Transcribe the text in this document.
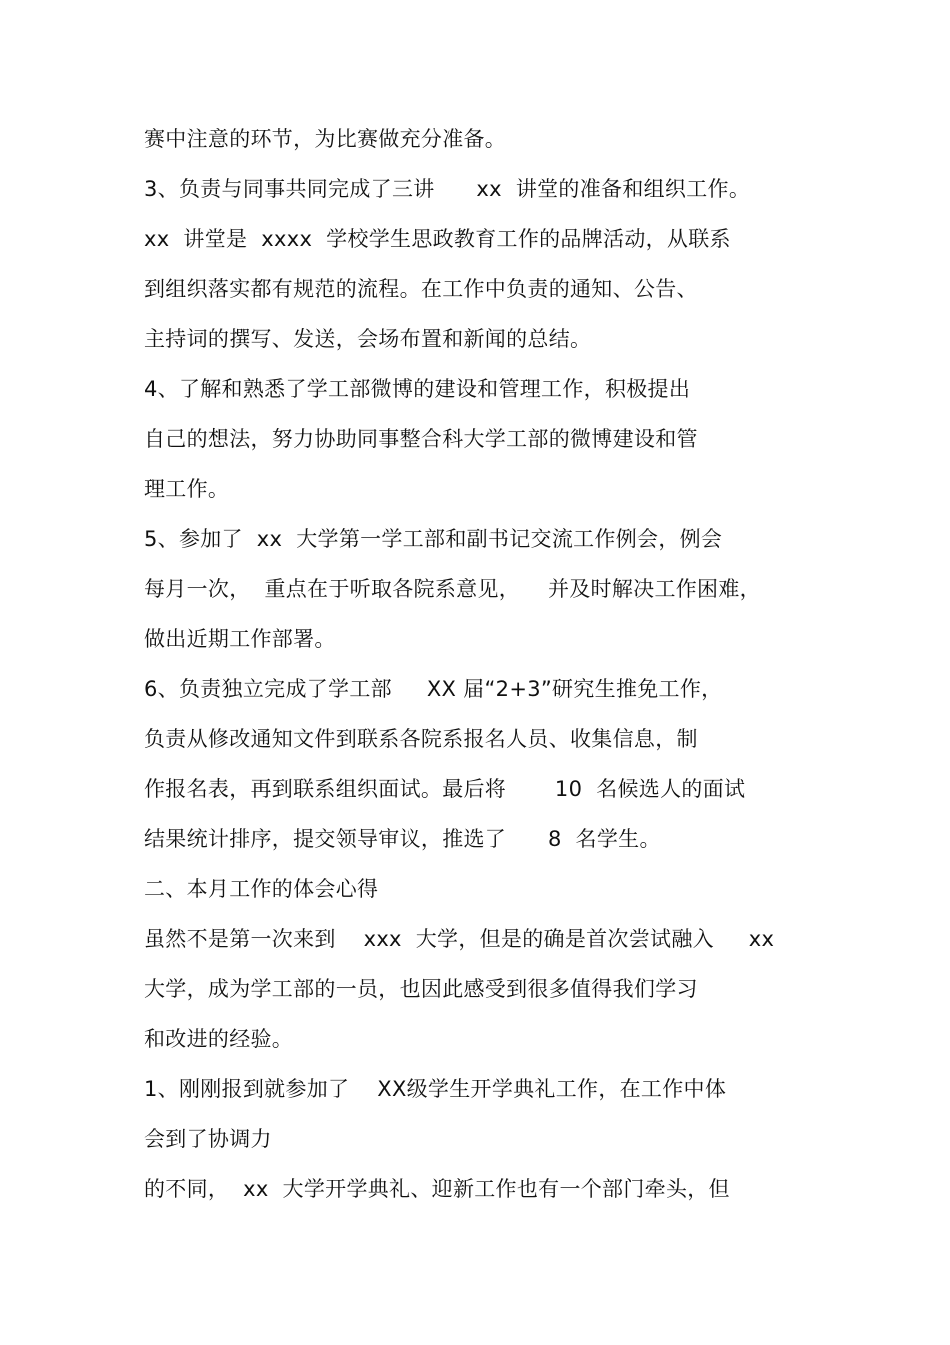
赛中注意的环节，为比赛做充分准备。
3、负责与同事共同完成了三讲      xx  讲堂的准备和组织工作。
xx  讲堂是  xxxx  学校学生思政教育工作的品牌活动，从联系
到组织落实都有规范的流程。在工作中负责的通知、公告、
主持词的撰写、发送，会场布置和新闻的总结。
4、了解和熟悉了学工部微博的建设和管理工作，积极提出
自己的想法，努力协助同事整合科大学工部的微博建设和管
理工作。
5、参加了  xx  大学第一学工部和副书记交流工作例会，例会
每月一次，  重点在于听取各院系意见，    并及时解决工作困难，
做出近期工作部署。
6、负责独立完成了学工部     XX 届“2+3”研究生推免工作，
负责从修改通知文件到联系各院系报名人员、收集信息，制
作报名表，再到联系组织面试。最后将       10  名候选人的面试
结果统计排序，提交领导审议，推选了      8  名学生。
二、本月工作的体会心得
虽然不是第一次来到    xxx  大学，但是的确是首次尝试融入     xx
大学，成为学工部的一员，也因此感受到很多值得我们学习
和改进的经验。
1、刚刚报到就参加了    XX级学生开学典礼工作，在工作中体
会到了协调力
的不同，  xx  大学开学典礼、迎新工作也有一个部门牵头，但
